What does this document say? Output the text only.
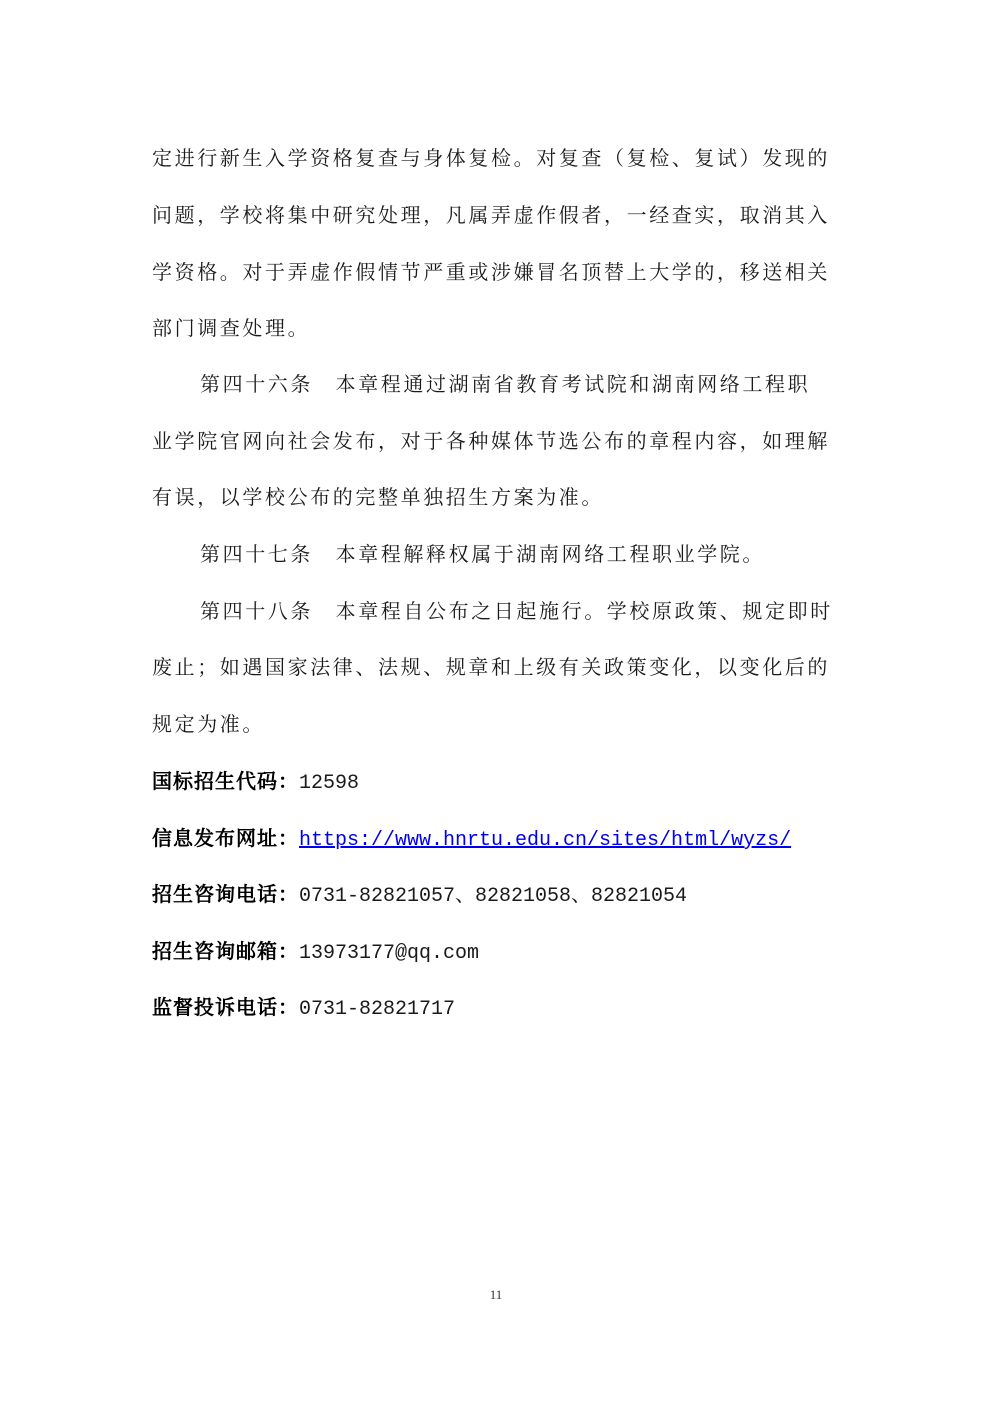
定进行新生入学资格复查与身体复检。对复查（复检、复试）发现的
问题，学校将集中研究处理，凡属弄虚作假者，一经查实，取消其入
学资格。对于弄虚作假情节严重或涉嫌冒名顶替上大学的，移送相关
部门调查处理。
第四十六条　本章程通过湖南省教育考试院和湖南网络工程职
业学院官网向社会发布，对于各种媒体节选公布的章程内容，如理解
有误，以学校公布的完整单独招生方案为准。
第四十七条　本章程解释权属于湖南网络工程职业学院。
第四十八条　本章程自公布之日起施行。学校原政策、规定即时
废止；如遇国家法律、法规、规章和上级有关政策变化，以变化后的
规定为准。
国标招生代码：12598
信息发布网址：https://www.hnrtu.edu.cn/sites/html/wyzs/
招生咨询电话：0731-82821057、82821058、82821054
招生咨询邮箱：13973177@qq.com
监督投诉电话：0731-82821717
11
